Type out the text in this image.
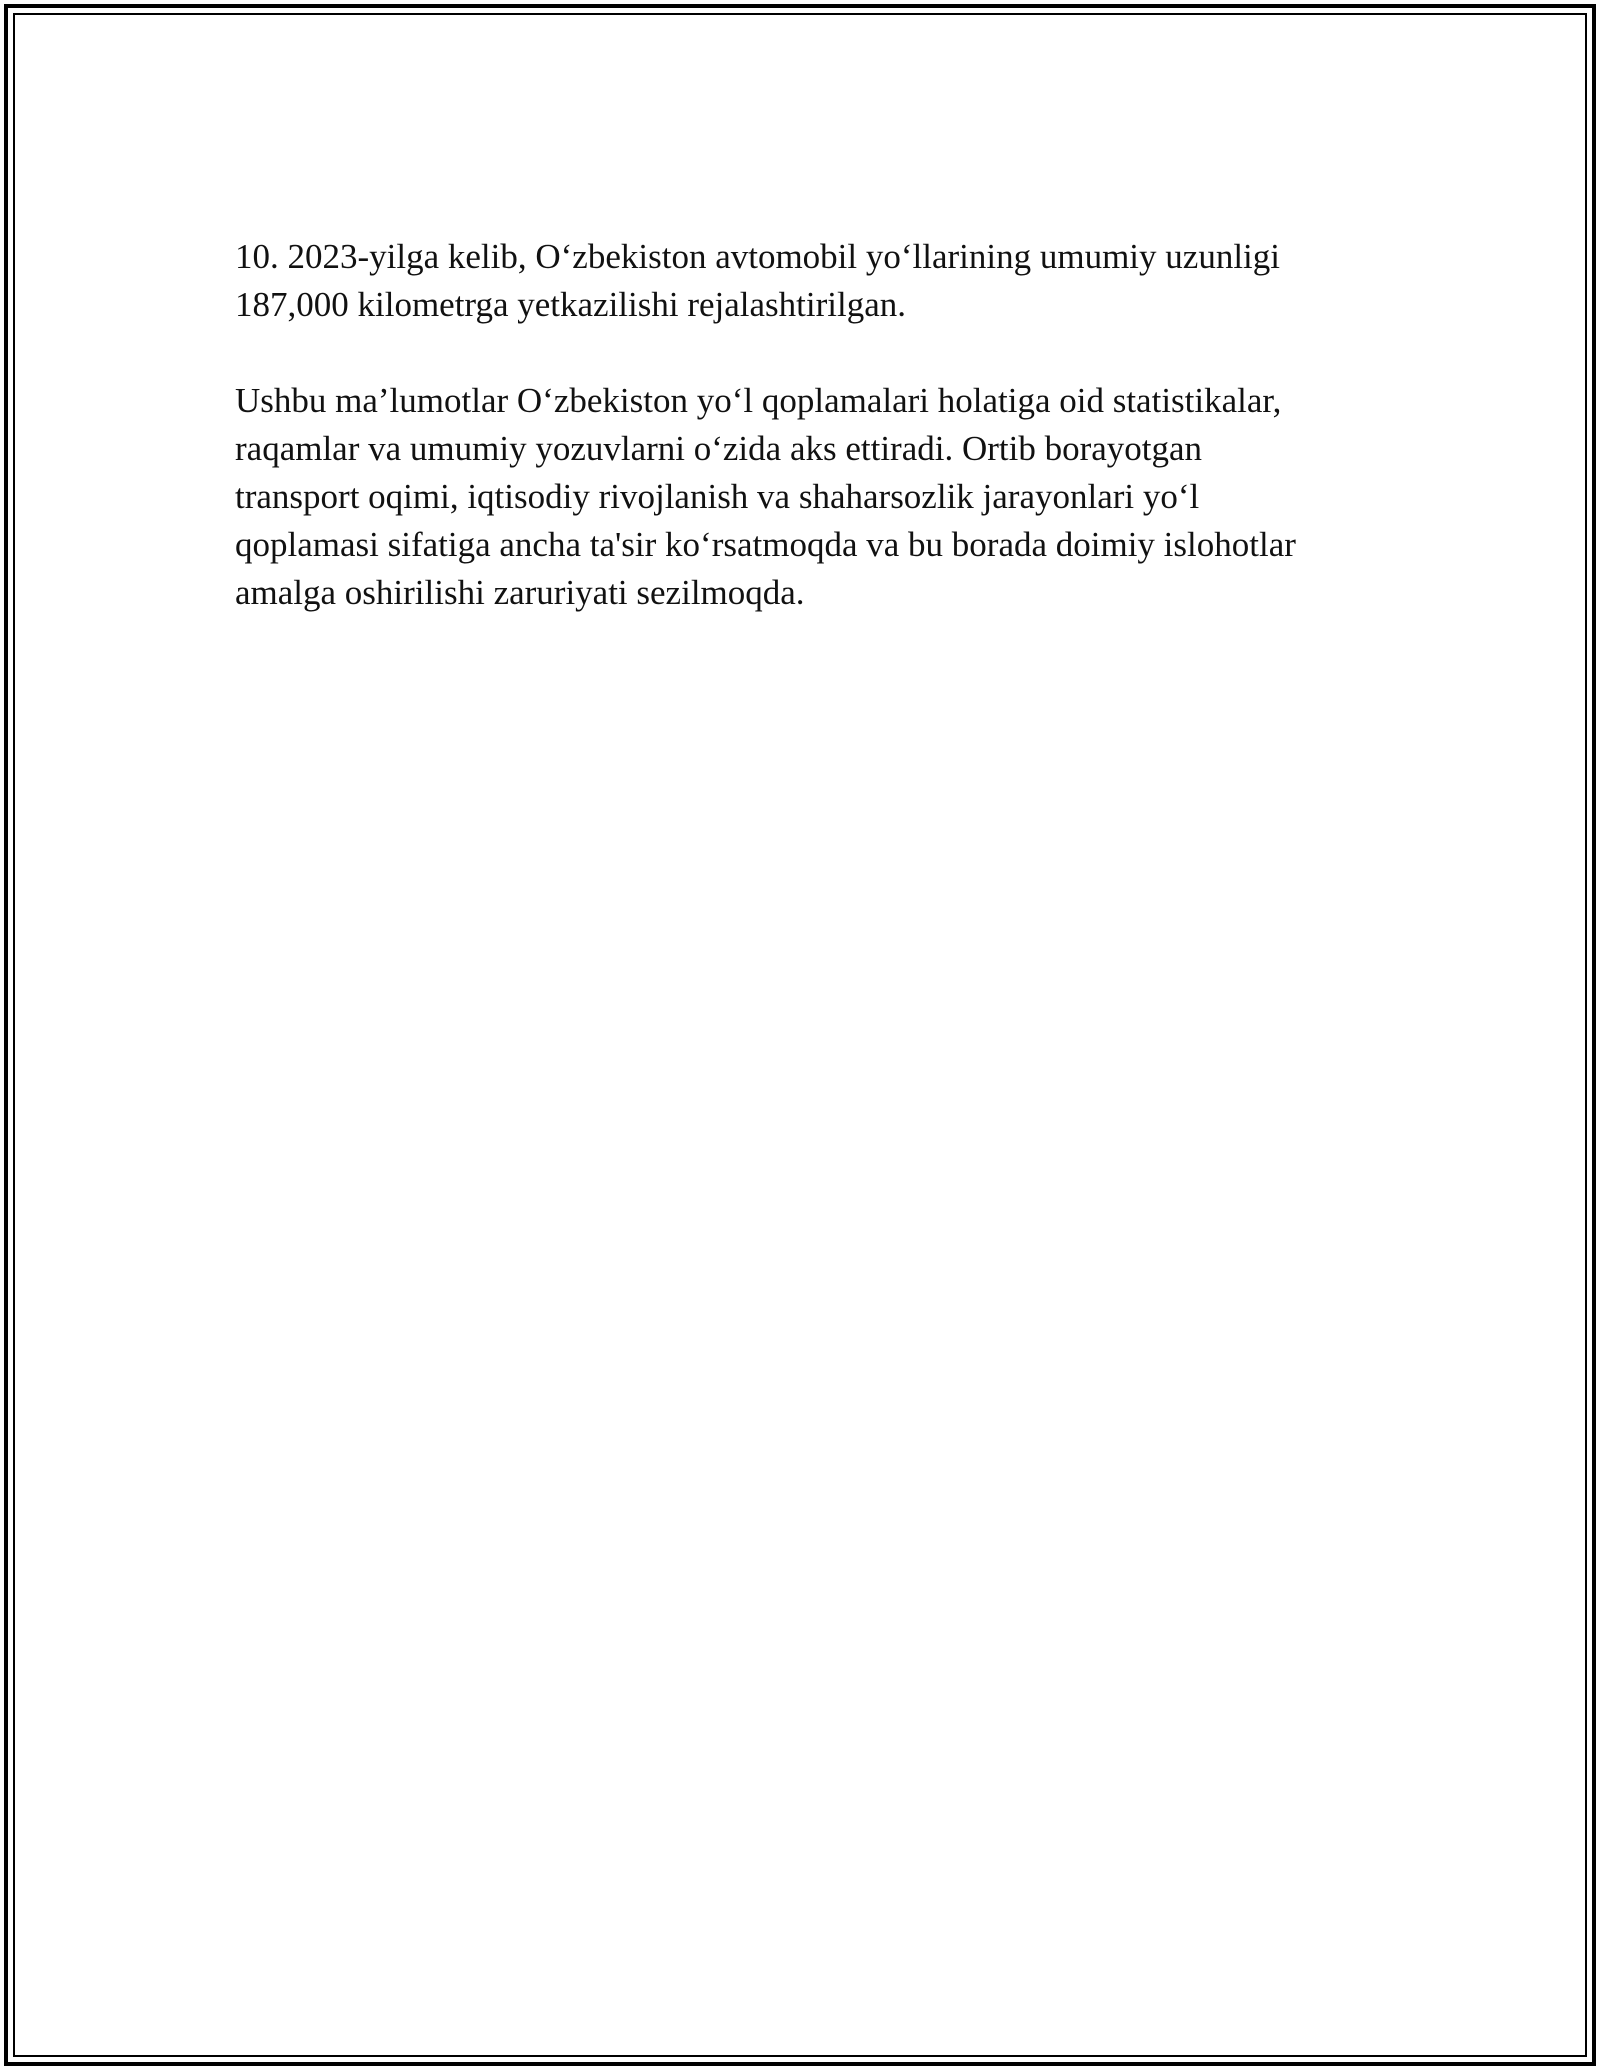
10. 2023-yilga kelib, O‘zbekiston avtomobil yo‘llarining umumiy uzunligi
187,000 kilometrga yetkazilishi rejalashtirilgan.

Ushbu ma’lumotlar O‘zbekiston yo‘l qoplamalari holatiga oid statistikalar,
raqamlar va umumiy yozuvlarni o‘zida aks ettiradi. Ortib borayotgan
transport oqimi, iqtisodiy rivojlanish va shaharsozlik jarayonlari yo‘l
qoplamasi sifatiga ancha ta'sir ko‘rsatmoqda va bu borada doimiy islohotlar
amalga oshirilishi zaruriyati sezilmoqda.
